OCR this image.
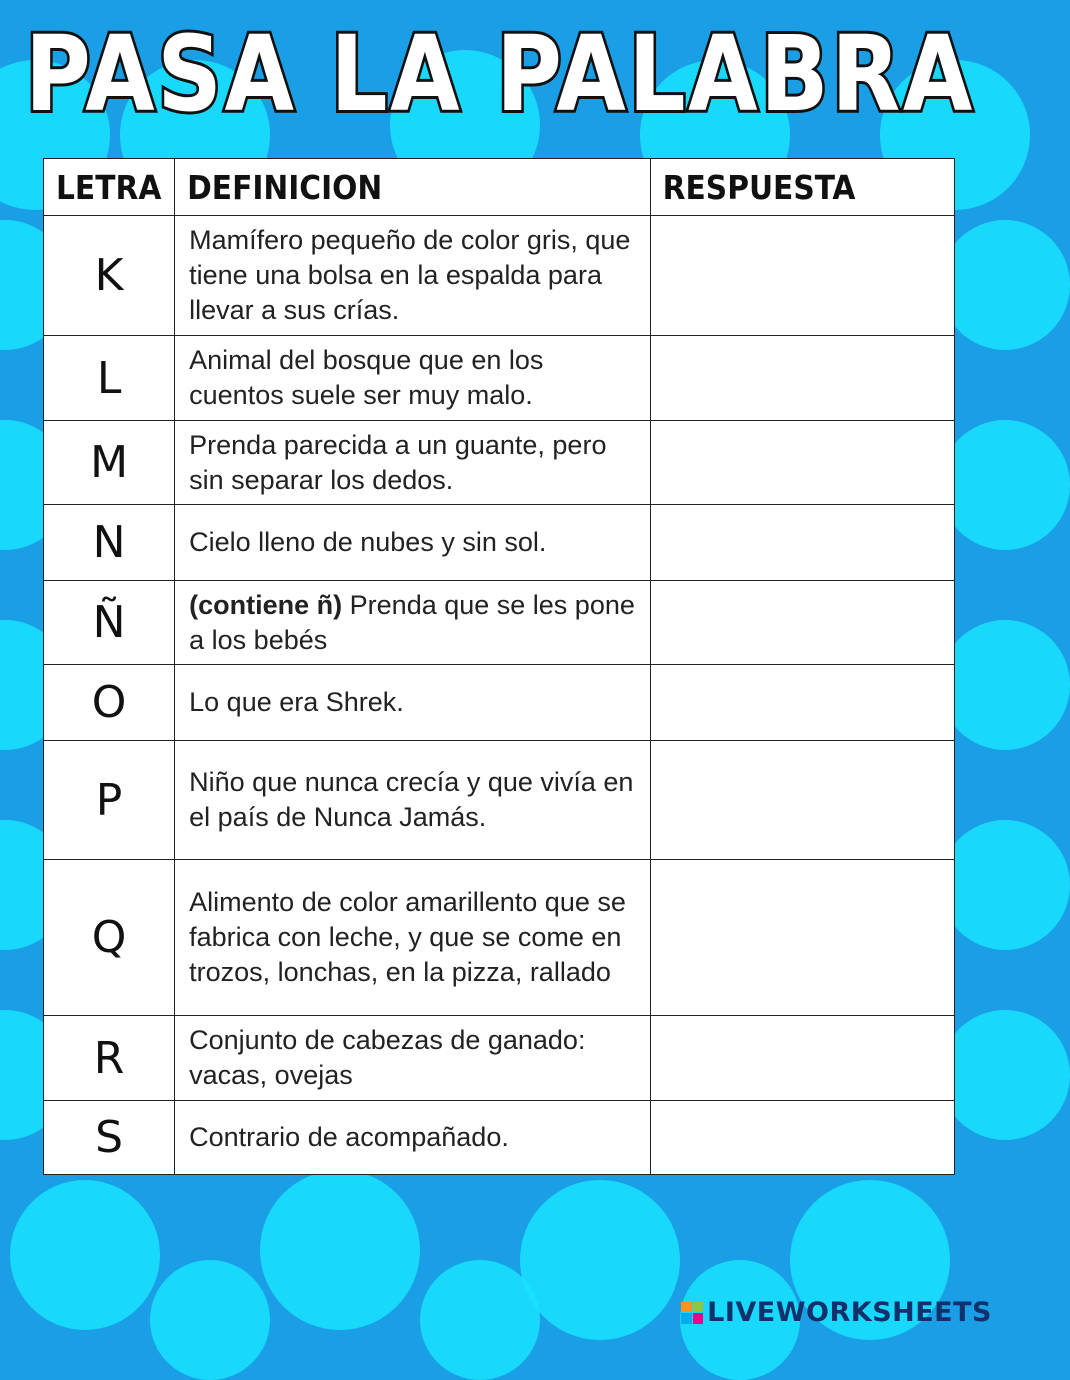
PASA LA PALABRA
LETRA	DEFINICION	RESPUESTA
K	Mamífero pequeño de color gris, que tiene una bolsa en la espalda para llevar a sus crías.	
L	Animal del bosque que en los cuentos suele ser muy malo.	
M	Prenda parecida a un guante, pero sin separar los dedos.	
N	Cielo lleno de nubes y sin sol.	
Ñ	(contiene ñ) Prenda que se les pone a los bebés	
O	Lo que era Shrek.	
P	Niño que nunca crecía y que vivía en el país de Nunca Jamás.	
Q	Alimento de color amarillento que se fabrica con leche, y que se come en trozos, lonchas, en la pizza, rallado	
R	Conjunto de cabezas de ganado: vacas, ovejas	
S	Contrario de acompañado.	
LIVEWORKSHEETS
